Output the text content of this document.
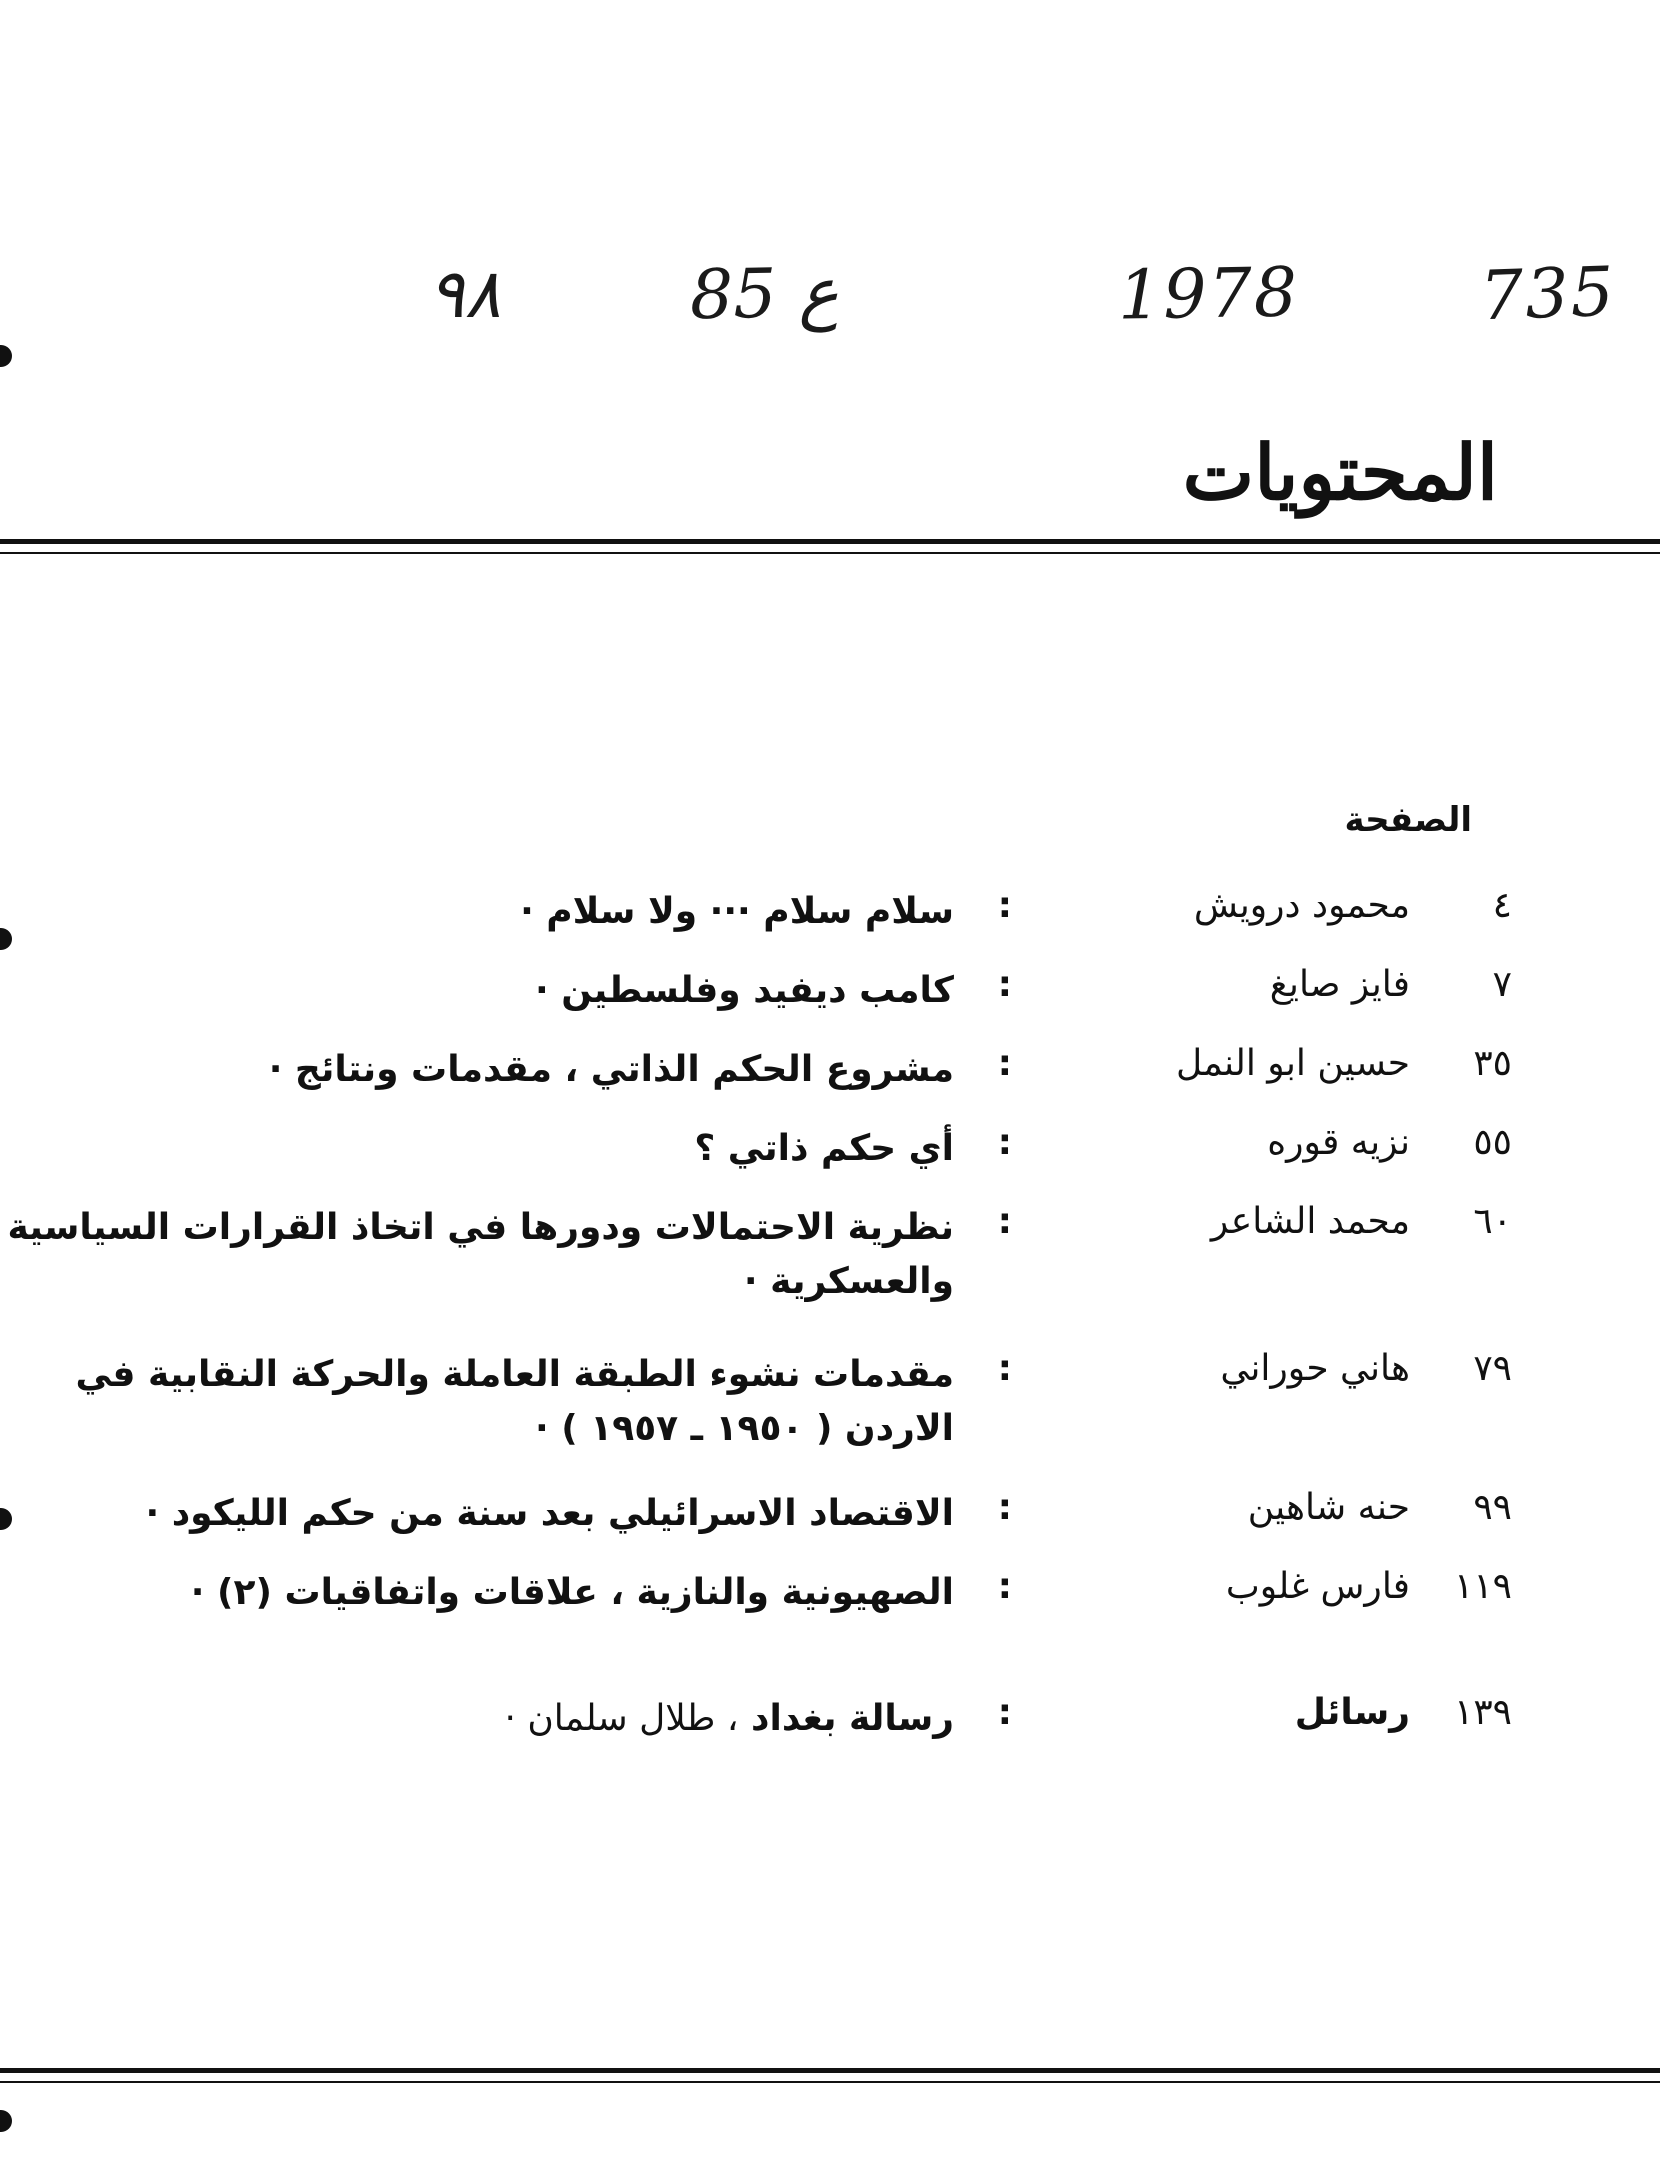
735
1978
ع 85
٩٨
المحتويات
الصفحة
٤
محمود درويش
:
سلام سلام ··· ولا سلام ·
٧
فايز صايغ
:
كامب ديفيد وفلسطين ·
٣٥
حسين ابو النمل
:
مشروع الحكم الذاتي ، مقدمات ونتائج ·
٥٥
نزيه قوره
:
أي حكم ذاتي ؟
٦٠
محمد الشاعر
:
نظرية الاحتمالات ودورها في اتخاذ القرارات السياسية والعسكرية ·
٧٩
هاني حوراني
:
مقدمات نشوء الطبقة العاملة والحركة النقابية في الاردن ( ١٩٥٠ ـ ١٩٥٧ ) ·
٩٩
حنه شاهين
:
الاقتصاد الاسرائيلي بعد سنة من حكم الليكود ·
١١٩
فارس غلوب
:
الصهيونية والنازية ، علاقات واتفاقيات (٢) ·
١٣٩
رسائل
:
رسالة بغداد ، طلال سلمان ·
